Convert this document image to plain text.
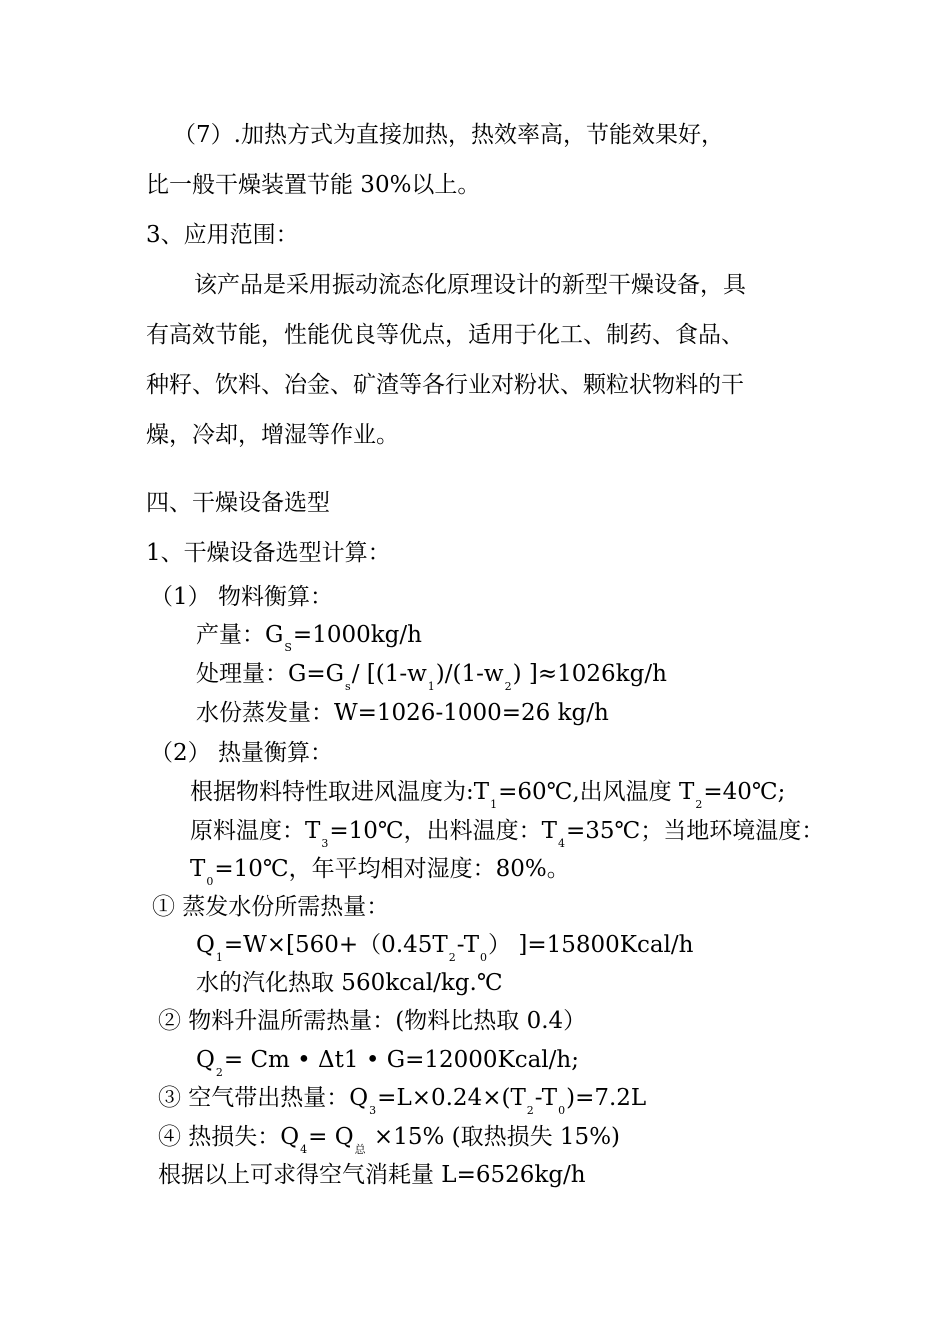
（7）.加热方式为直接加热，热效率高，节能效果好，
比一般干燥装置节能 30%以上。
3、应用范围：
该产品是采用振动流态化原理设计的新型干燥设备，具
有高效节能，性能优良等优点，适用于化工、制药、食品、
种籽、饮料、冶金、矿渣等各行业对粉状、颗粒状物料的干
燥，冷却，增湿等作业。
四、干燥设备选型
1、干燥设备选型计算：
（1） 物料衡算：
产量：$G_S=1000kg/h$
处理量：$G=G_s/$ [$(1-w_1)/(1-w_2)$ ]≈1026kg/h
水份蒸发量：W=1026-1000=26 kg/h
（2） 热量衡算：
根据物料特性取进风温度为$:T_1=60℃$,出风温度 $T_2=40℃$;
原料温度：$T_3=10℃$，出料温度：$T_4=35℃$；当地环境温度：
$T_0=10℃$，年平均相对湿度：80%。
① 蒸发水份所需热量：
$Q_1=W\times[560+(0.45T_2-T_0)$ ]=15800Kcal/h
水的汽化热取 560kcal/kg.℃
② 物料升温所需热量：(物料比热取 0.4）
$Q_2= Cm$ • Δt1 • G=12000Kcal/h;
③ 空气带出热量：$Q_3=L\times 0.24\times(T_2-T_0)=7.2L$
④ 热损失：$Q_4= Q_总 \times 15\%$ (取热损失 15%)
根据以上可求得空气消耗量 L=6526kg/h
